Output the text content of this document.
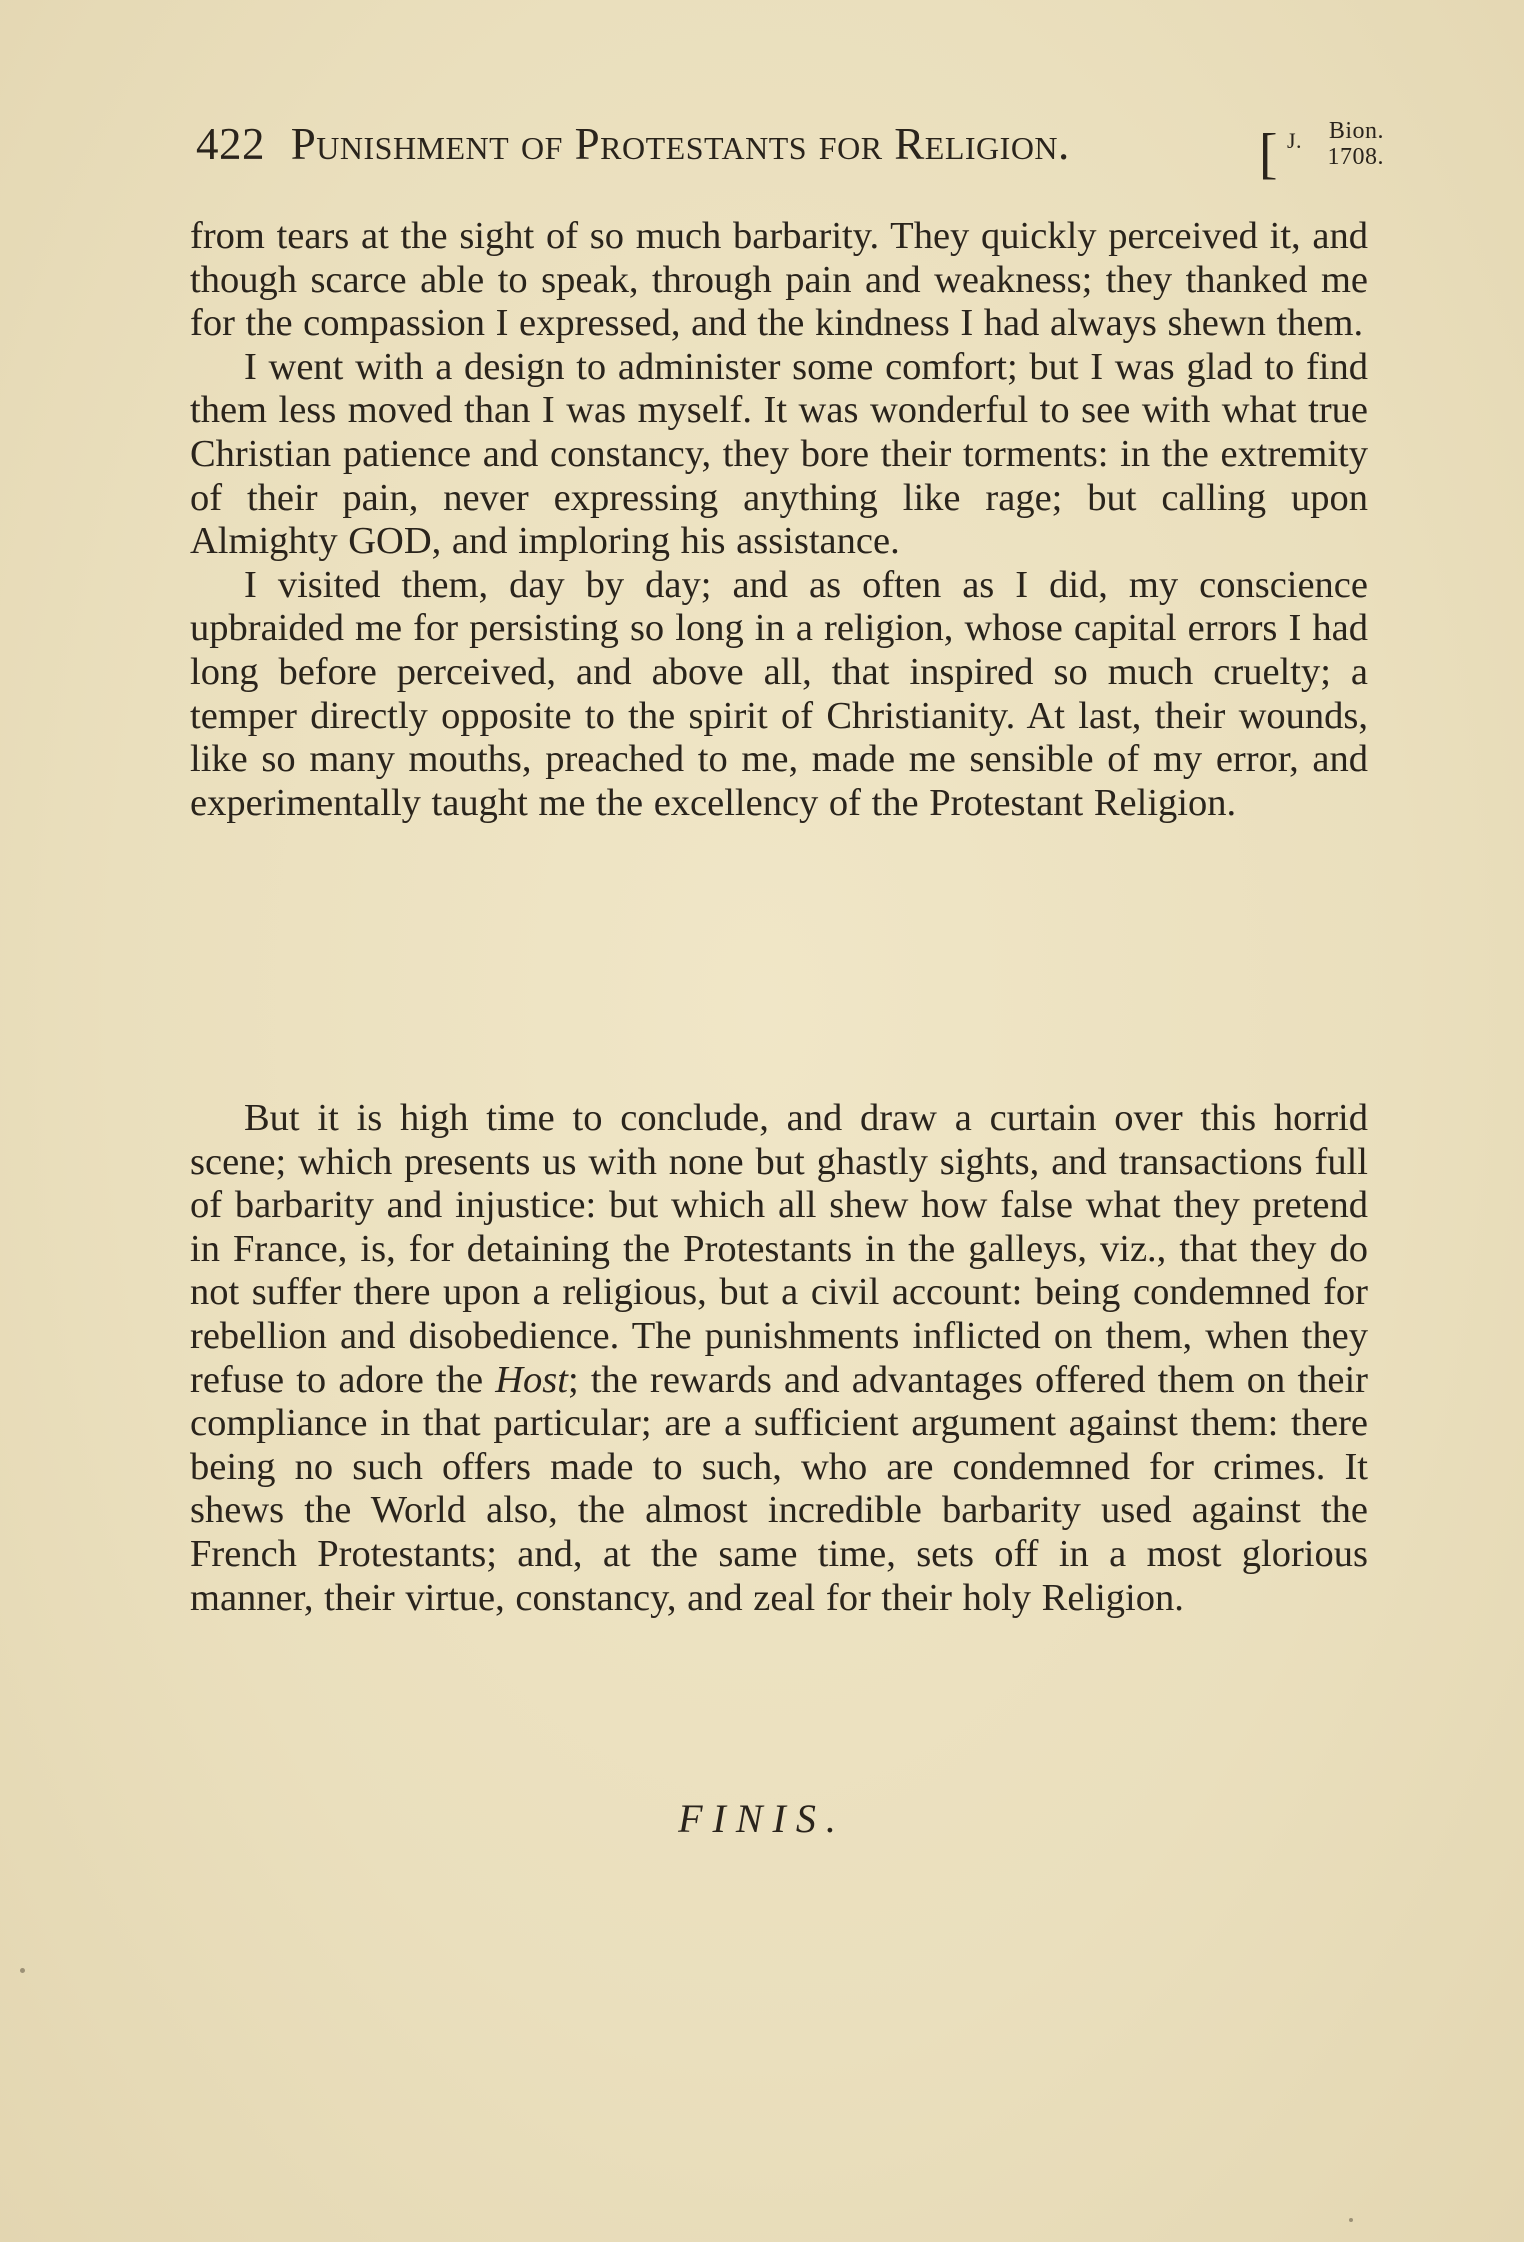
422 Punishment of Protestants for Religion.	[ J. Bion.
1708.

from tears at the sight of so much barbarity. They quickly perceived it, and though scarce able to speak, through pain and weakness; they thanked me for the compassion I expressed, and the kindness I had always shewn them.

I went with a design to administer some comfort; but I was glad to find them less moved than I was myself. It was wonderful to see with what true Christian patience and constancy, they bore their torments: in the extremity of their pain, never expressing anything like rage; but calling upon Almighty GOD, and imploring his assistance.

I visited them, day by day; and as often as I did, my conscience upbraided me for persisting so long in a religion, whose capital errors I had long before perceived, and above all, that inspired so much cruelty; a temper directly opposite to the spirit of Christianity. At last, their wounds, like so many mouths, preached to me, made me sensible of my error, and experimentally taught me the excellency of the Protestant Religion.

But it is high time to conclude, and draw a curtain over this horrid scene; which presents us with none but ghastly sights, and transactions full of barbarity and injustice: but which all shew how false what they pretend in France, is, for detaining the Protestants in the galleys, viz., that they do not suffer there upon a religious, but a civil account: being condemned for rebellion and disobedience. The punishments inflicted on them, when they refuse to adore the Host; the rewards and advantages offered them on their compliance in that particular; are a sufficient argument against them: there being no such offers made to such, who are condemned for crimes. It shews the World also, the almost incredible barbarity used against the French Protestants; and, at the same time, sets off in a most glorious manner, their virtue, constancy, and zeal for their holy Religion.

FINIS.
